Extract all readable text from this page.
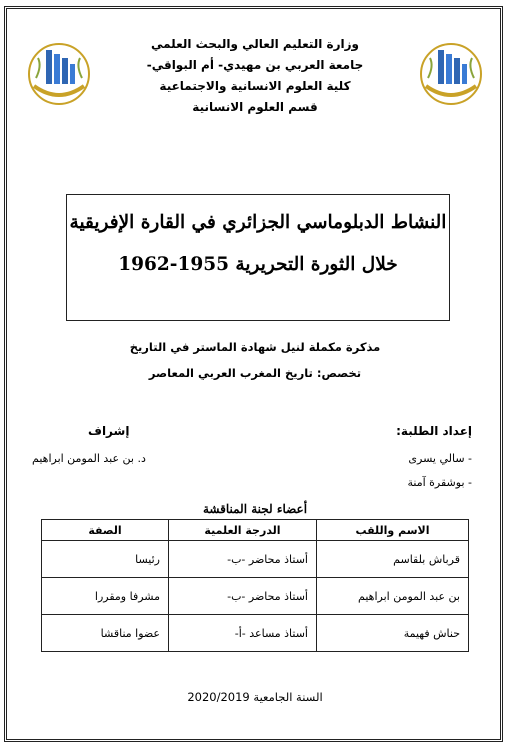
وزارة التعليم العالي والبحث العلمي
جامعة العربي بن مهيدي- أم البواقي-
كلية العلوم الانسانية والاجتماعية
قسم العلوم الانسانية
النشاط الدبلوماسي الجزائري في القارة الإفريقية
خلال الثورة التحريرية 1955-1962
مذكرة مكملة لنيل شهادة الماستر في التاريخ
تخصص: تاريخ المغرب العربي المعاصر
إعداد الطلبة:
- سالي يسرى
- بوشقرة آمنة
إشراف
د. بن عبد المومن ابراهيم
أعضاء لجنة المناقشة
الاسم واللقب	الدرجة العلمية	الصفة
قرباش بلقاسم	أستاذ محاضر -ب-	رئيسا
بن عبد المومن ابراهيم	أستاذ محاضر -ب-	مشرفا ومقررا
حناش فهيمة	أستاذ مساعد -أ-	عضوا مناقشا
السنة الجامعية 2020/2019
